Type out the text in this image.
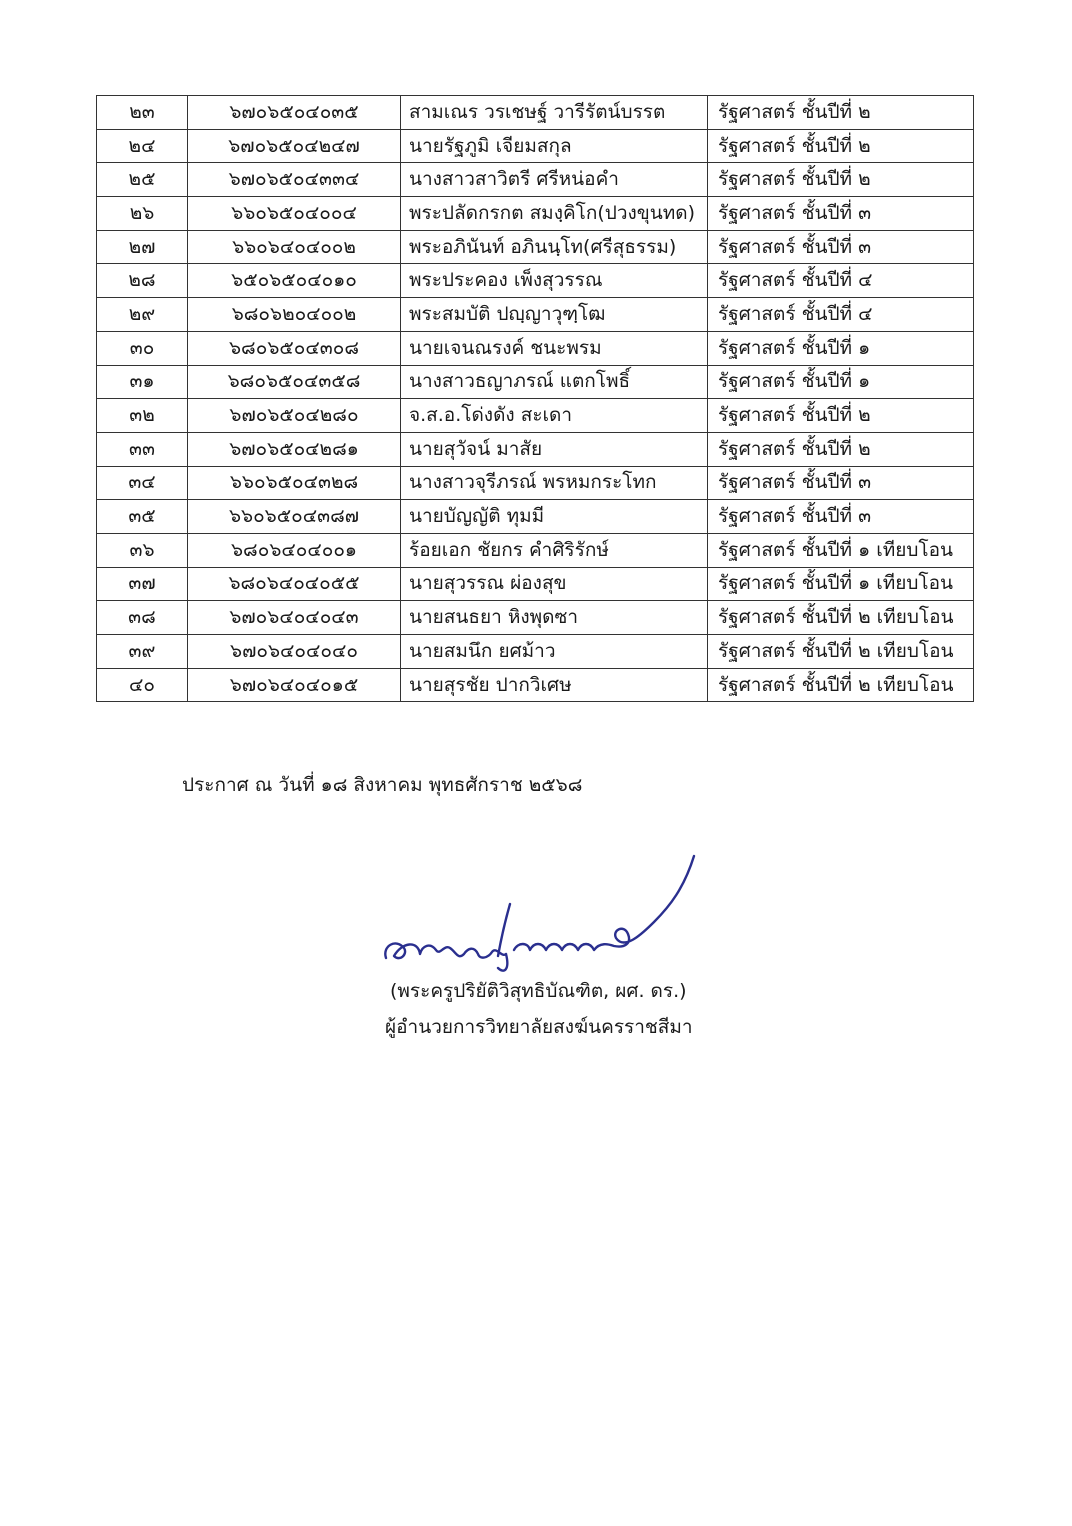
๒๓	๖๗๐๖๕๐๔๐๓๕	สามเณร วรเชษฐ์ วารีรัตน์บรรต	รัฐศาสตร์ ชั้นปีที่ ๒
๒๔	๖๗๐๖๕๐๔๒๔๗	นายรัฐภูมิ เจียมสกุล	รัฐศาสตร์ ชั้นปีที่ ๒
๒๕	๖๗๐๖๕๐๔๓๓๔	นางสาวสาวิตรี ศรีหน่อคำ	รัฐศาสตร์ ชั้นปีที่ ๒
๒๖	๖๖๐๖๕๐๔๐๐๔	พระปลัดกรกต สมงฺคิโก(ปวงขุนทด)	รัฐศาสตร์ ชั้นปีที่ ๓
๒๗	๖๖๐๖๔๐๔๐๐๒	พระอภินันท์ อภินนฺโท(ศรีสุธรรม)	รัฐศาสตร์ ชั้นปีที่ ๓
๒๘	๖๕๐๖๕๐๔๐๑๐	พระประคอง เพ็งสุวรรณ	รัฐศาสตร์ ชั้นปีที่ ๔
๒๙	๖๘๐๖๒๐๔๐๐๒	พระสมบัติ ปญฺญาวุฑฺโฒ	รัฐศาสตร์ ชั้นปีที่ ๔
๓๐	๖๘๐๖๕๐๔๓๐๘	นายเจนณรงค์ ชนะพรม	รัฐศาสตร์ ชั้นปีที่ ๑
๓๑	๖๘๐๖๕๐๔๓๕๘	นางสาวธญาภรณ์ แตกโพธิ์	รัฐศาสตร์ ชั้นปีที่ ๑
๓๒	๖๗๐๖๕๐๔๒๘๐	จ.ส.อ.โด่งดัง สะเดา	รัฐศาสตร์ ชั้นปีที่ ๒
๓๓	๖๗๐๖๕๐๔๒๘๑	นายสุวัจน์ มาสัย	รัฐศาสตร์ ชั้นปีที่ ๒
๓๔	๖๖๐๖๕๐๔๓๒๘	นางสาวจุรีภรณ์ พรหมกระโทก	รัฐศาสตร์ ชั้นปีที่ ๓
๓๕	๖๖๐๖๕๐๔๓๘๗	นายบัญญัติ ทุมมี	รัฐศาสตร์ ชั้นปีที่ ๓
๓๖	๖๘๐๖๔๐๔๐๐๑	ร้อยเอก ชัยกร คำศิริรักษ์	รัฐศาสตร์ ชั้นปีที่ ๑ เทียบโอน
๓๗	๖๘๐๖๔๐๔๐๕๕	นายสุวรรณ ผ่องสุข	รัฐศาสตร์ ชั้นปีที่ ๑ เทียบโอน
๓๘	๖๗๐๖๔๐๔๐๔๓	นายสนธยา หิงพุดซา	รัฐศาสตร์ ชั้นปีที่ ๒ เทียบโอน
๓๙	๖๗๐๖๔๐๔๐๔๐	นายสมนึก ยศม้าว	รัฐศาสตร์ ชั้นปีที่ ๒ เทียบโอน
๔๐	๖๗๐๖๔๐๔๐๑๕	นายสุรชัย ปากวิเศษ	รัฐศาสตร์ ชั้นปีที่ ๒ เทียบโอน
ประกาศ ณ วันที่ ๑๘ สิงหาคม พุทธศักราช ๒๕๖๘
(พระครูปริยัติวิสุทธิบัณฑิต, ผศ. ดร.)
ผู้อำนวยการวิทยาลัยสงฆ์นครราชสีมา
